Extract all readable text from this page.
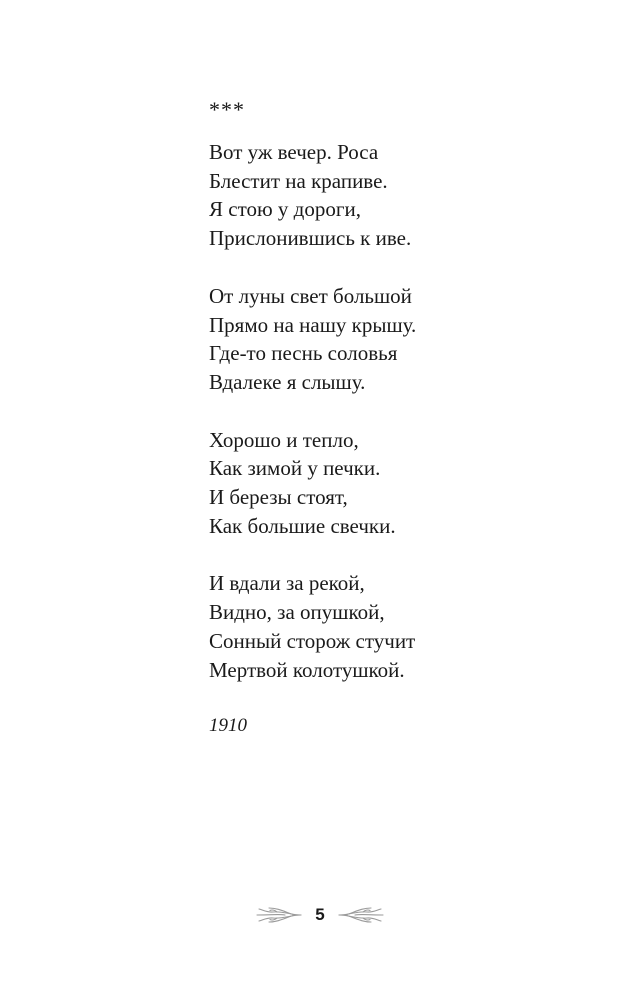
***
Вот уж вечер. Роса
Блестит на крапиве.
Я стою у дороги,
Прислонившись к иве.
От луны свет большой
Прямо на нашу крышу.
Где-то песнь соловья
Вдалеке я слышу.
Хорошо и тепло,
Как зимой у печки.
И березы стоят,
Как большие свечки.
И вдали за рекой,
Видно, за опушкой,
Сонный сторож стучит
Мертвой колотушкой.
1910
5
